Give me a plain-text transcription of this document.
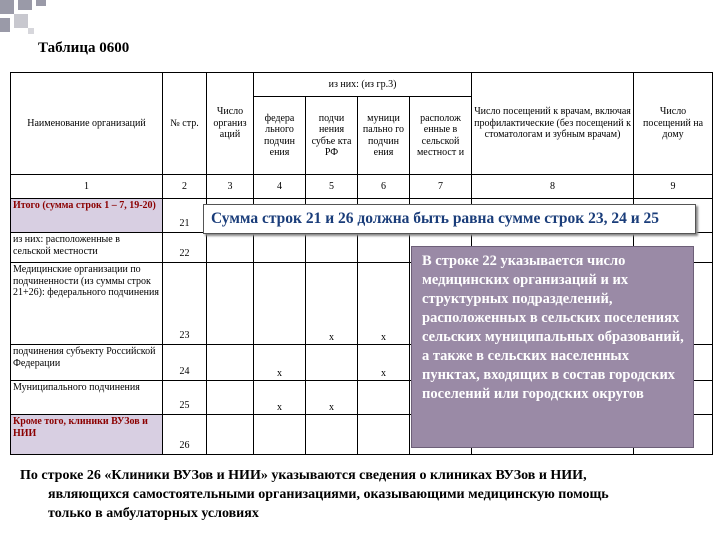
Таблица 0600
Наименование организаций	№ стр.	Число организ аций	из них: (из гр.3)				Число посещений к врачам, включая профилактические (без посещений к стоматологам и зубным врачам)	Число посещений на дому
			федера льного подчин ения	подчи нения субъе кта РФ	муници пально го подчин ения	располож енные в сельской местност и		
1	2	3	4	5	6	7	8	9
Итого (сумма строк 1 – 7, 19-20)	21							
из них: расположенные в сельской местности	22							
Медицинские организации по подчиненности (из суммы строк 21+26): федерального подчинения	23			x	x			
подчинения субъекту Российской Федерации	24		x		x			
Муниципального подчинения	25		x	x				
Кроме того, клиники ВУЗов и НИИ	26							
Сумма строк 21 и 26 должна быть равна сумме строк 23, 24 и 25
В строке 22 указывается число медицинских организаций и их структурных подразделений, расположенных в сельских поселениях сельских муниципальных образований, а также в сельских населенных пунктах, входящих в состав городских поселений или городских округов
По строке 26 «Клиники ВУЗов и НИИ» указываются сведения о клиниках ВУЗов и НИИ,
являющихся самостоятельными организациями, оказывающими медицинскую помощь
только в амбулаторных условиях
